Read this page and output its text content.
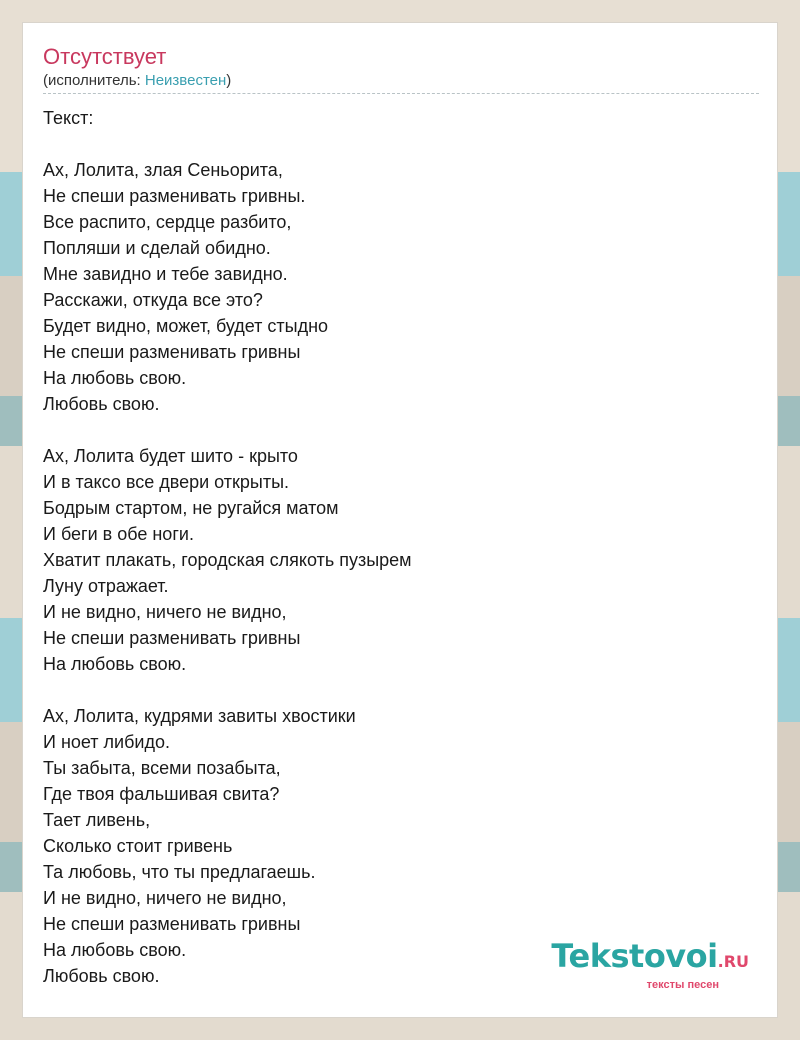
Отсутствует
(исполнитель: Неизвестен)
Текст:
Ах, Лолита, злая Сеньорита,
Не спеши разменивать гривны.
Все распито, сердце разбито,
Попляши и сделай обидно.
Мне завидно и тебе завидно.
Расскажи, откуда все это?
Будет видно, может, будет стыдно
Не спеши разменивать гривны
На любовь свою.
Любовь свою.
Ах, Лолита будет шито - крыто
И в таксо все двери открыты.
Бодрым стартом, не ругайся матом
И беги в обе ноги.
Хватит плакать, городская слякоть пузырем
Луну отражает.
И не видно, ничего не видно,
Не спеши разменивать гривны
На любовь свою.
Ах, Лолита, кудрями завиты хвостики
И ноет либидо.
Ты забыта, всеми позабыта,
Где твоя фальшивая свита?
Тает ливень,
Сколько стоит гривень
Та любовь, что ты предлагаешь.
И не видно, ничего не видно,
Не спеши разменивать гривны
На любовь свою.
Любовь свою.
Tekstovoi.RU
тексты песен
